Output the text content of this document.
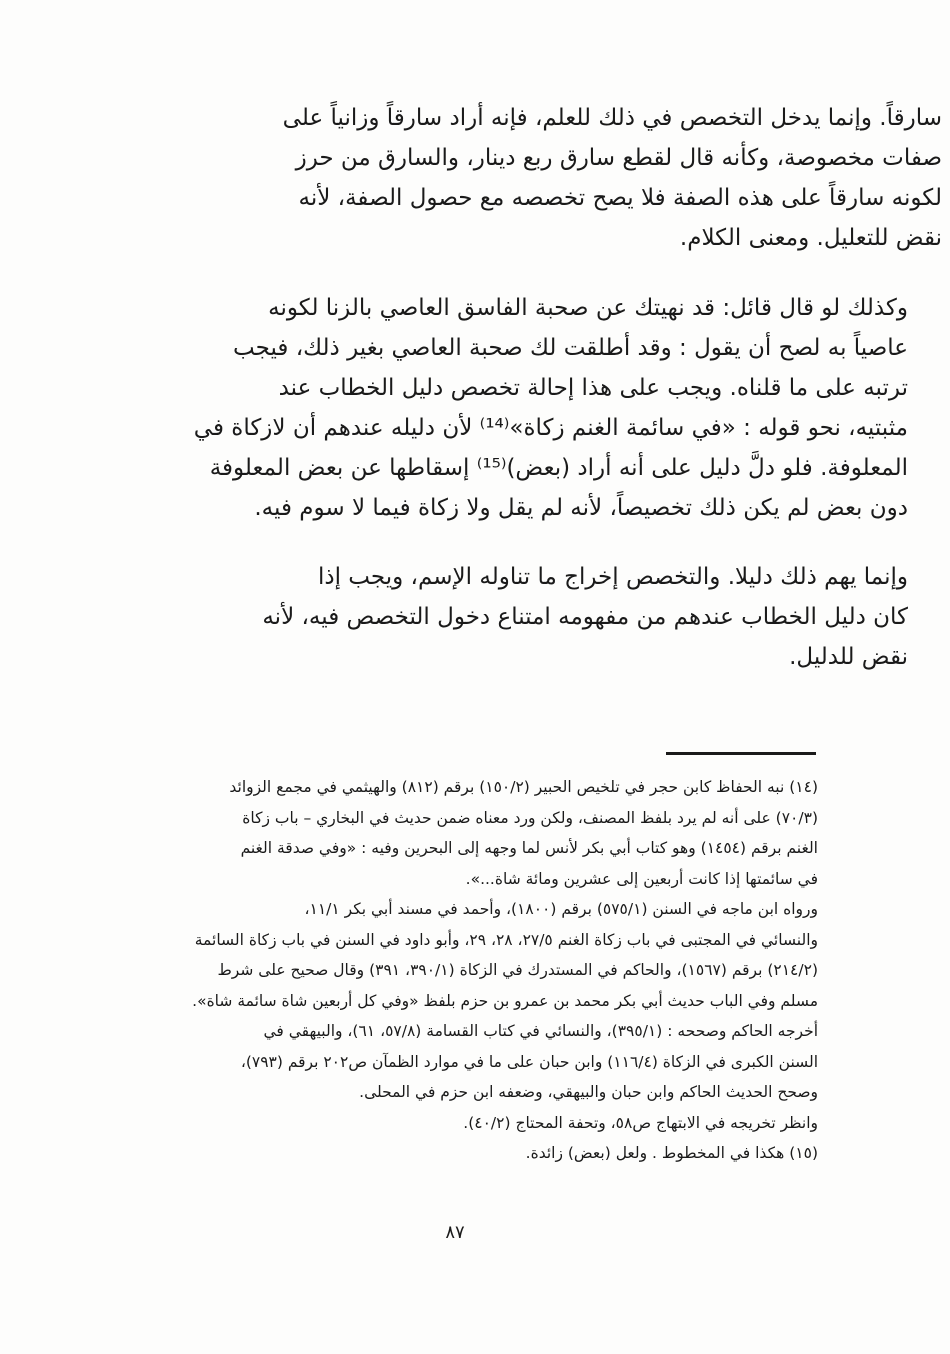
سارقاً. وإنما يدخل التخصص في ذلك للعلم، فإنه أراد سارقاً وزانياً على
صفات مخصوصة، وكأنه قال لقطع سارق ربع دينار، والسارق من حرز
لكونه سارقاً على هذه الصفة فلا يصح تخصصه مع حصول الصفة، لأنه
نقض للتعليل. ومعنى الكلام.
وكذلك لو قال قائل: قد نهيتك عن صحبة الفاسق العاصي بالزنا لكونه
عاصياً به لصح أن يقول : وقد أطلقت لك صحبة العاصي بغير ذلك، فيجب
ترتبه على ما قلناه. ويجب على هذا إحالة تخصص دليل الخطاب عند
مثبتيه، نحو قوله : «في سائمة الغنم زكاة»⁽¹⁴⁾ لأن دليله عندهم أن لازكاة في
المعلوفة. فلو دلَّ دليل على أنه أراد (بعض)⁽¹⁵⁾ إسقاطها عن بعض المعلوفة
دون بعض لم يكن ذلك تخصيصاً، لأنه لم يقل ولا زكاة فيما لا سوم فيه.
وإنما يهم ذلك دليلا. والتخصص إخراج ما تناوله الإسم، ويجب إذا
كان دليل الخطاب عندهم من مفهومه امتناع دخول التخصص فيه، لأنه
نقض للدليل.
(١٤) نبه الحفاظ كابن حجر في تلخيص الحبير (١٥٠/٢) برقم (٨١٢) والهيثمي في مجمع الزوائد
(٧٠/٣) على أنه لم يرد بلفظ المصنف، ولكن ورد معناه ضمن حديث في البخاري – باب زكاة
الغنم برقم (١٤٥٤) وهو كتاب أبي بكر لأنس لما وجهه إلى البحرين وفيه : «وفي صدقة الغنم
في سائمتها إذا كانت أربعين إلى عشرين ومائة شاة...».
ورواه ابن ماجه في السنن (٥٧٥/١) برقم (١٨٠٠)، وأحمد في مسند أبي بكر ١١/١،
والنسائي في المجتبى في باب زكاة الغنم ٢٧/٥، ٢٨، ٢٩، وأبو داود في السنن في باب زكاة السائمة
(٢١٤/٢) برقم (١٥٦٧)، والحاكم في المستدرك في الزكاة (٣٩٠/١، ٣٩١) وقال صحيح على شرط
مسلم وفي الباب حديث أبي بكر محمد بن عمرو بن حزم بلفظ «وفي كل أربعين شاة سائمة شاة».
أخرجه الحاكم وصححه : (٣٩٥/١)، والنسائي في كتاب القسامة (٥٧/٨، ٦١)، والبيهقي في
السنن الكبرى في الزكاة (١١٦/٤) وابن حبان على ما في موارد الظمآن ص٢٠٢ برقم (٧٩٣)،
وصحح الحديث الحاكم وابن حبان والبيهقي، وضعفه ابن حزم في المحلى.
وانظر تخريجه في الابتهاج ص٥٨، وتحفة المحتاج (٤٠/٢).
(١٥) هكذا في المخطوط . ولعل (بعض) زائدة.
٨٧
